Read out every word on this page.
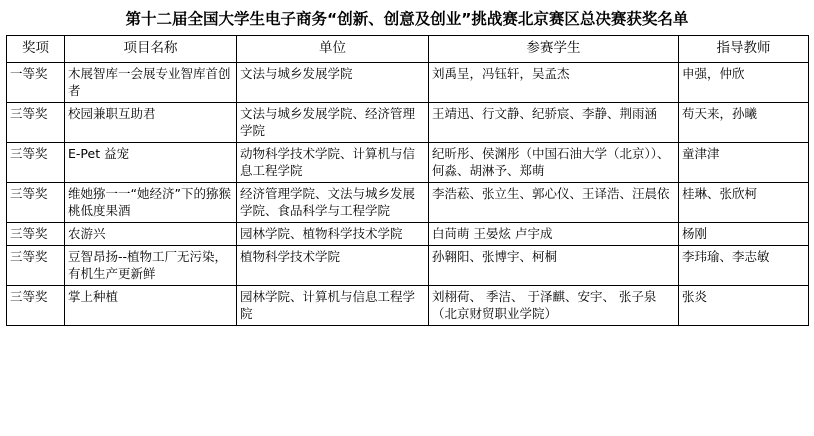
第十二届全国大学生电子商务“创新、创意及创业”挑战赛北京赛区总决赛获奖名单
奖项	项目名称	单位	参赛学生	指导教师
一等奖	木展智库一会展专业智库首创者	文法与城乡发展学院	刘禹呈，冯钰轩，吴孟杰	申强，仲欣
三等奖	校园兼职互助君	文法与城乡发展学院、经济管理学院	王靖迅、行文静、纪骄宸、李静、荆雨涵	苟天来，孙曦
三等奖	E-Pet 益宠	动物科学技术学院、计算机与信息工程学院	纪昕彤、侯渊彤（中国石油大学（北京））、何淼、胡淋予、郑萌	童津津
三等奖	维她猕一一“她经济”下的猕猴桃低度果酒	经济管理学院、文法与城乡发展学院、食品科学与工程学院	李浩菘、张立生、郭心仪、王译浩、汪晨依	桂琳、张欣柯
三等奖	农游兴	园林学院、植物科学技术学院	白苘萌 王晏炫 卢宇成	杨刚
三等奖	豆智昂扬--植物工厂无污染，有机生产更新鲜	植物科学技术学院	孙翱阳、张博宇、柯桐	李玮瑜、李志敏
三等奖	掌上种植	园林学院、计算机与信息工程学院	刘栩荷、 季洁、 于泽麒、安宇、 张子泉（北京财贸职业学院）	张炎
